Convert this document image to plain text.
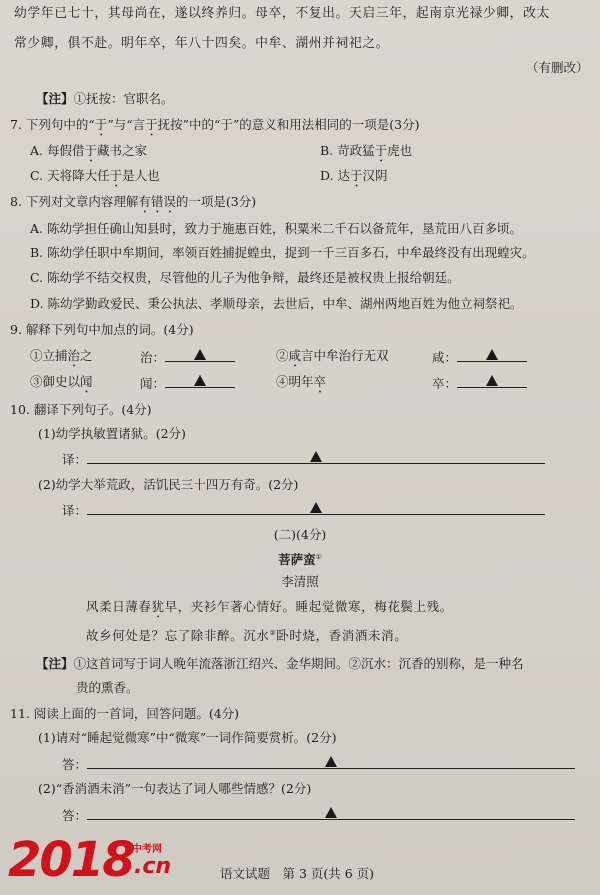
幼学年已七十，其母尚在，遂以终养归。母卒，不复出。天启三年，起南京光禄少卿，改太
常少卿，俱不赴。明年卒，年八十四矣。中牟、湖州并祠祀之。
（有删改）
【注】①抚按：官职名。
7. 下列句中的“于”与“言于抚按”中的“于”的意义和用法相同的一项是(3分)
A. 每假借于藏书之家	B. 苛政猛于虎也
C. 天将降大任于是人也	D. 达于汉阴
8. 下列对文章内容理解有错误的一项是(3分)
A. 陈幼学担任确山知县时，致力于施惠百姓，积粟米二千石以备荒年，垦荒田八百多顷。
B. 陈幼学任职中牟期间，率领百姓捕捉蝗虫，捉到一千三百多石，中牟最终没有出现蝗灾。
C. 陈幼学不结交权贵，尽管他的儿子为他争辩，最终还是被权贵上报给朝廷。
D. 陈幼学勤政爱民、秉公执法、孝顺母亲，去世后，中牟、湖州两地百姓为他立祠祭祀。
9. 解释下列句中加点的词。(4分)
①立捕治之	治：	②咸言中牟治行无双	咸：
③御史以闻	闻：	④明年卒	卒：
10. 翻译下列句子。(4分)
(1)幼学执敏置诸狱。(2分)
译：
(2)幼学大举荒政，活饥民三十四万有奇。(2分)
译：
(二)(4分)
菩萨蛮①
李清照
风柔日薄春犹早，夹衫乍著心情好。睡起觉微寒，梅花鬓上残。
故乡何处是？忘了除非醉。沉水②卧时烧，香消酒未消。
【注】①这首词写于词人晚年流落浙江绍兴、金华期间。②沉水：沉香的别称，是一种名
贵的熏香。
11. 阅读上面的一首词，回答问题。(4分)
(1)请对“睡起觉微寒”中“微寒”一词作简要赏析。(2分)
答：
(2)“香消酒未消”一句表达了词人哪些情感？(2分)
答：
语文试题　第 3 页(共 6 页)
2018
中考网
.cn
